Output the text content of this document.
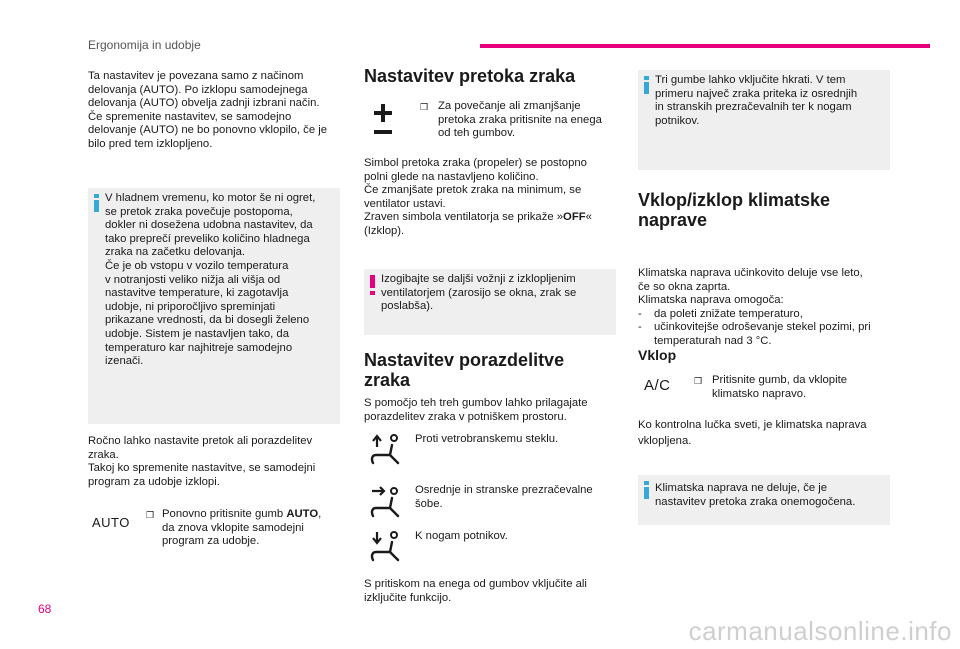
Ergonomija in udobje
Ta nastavitev je povezana samo z načinom
delovanja (AUTO). Po izklopu samodejnega
delovanja (AUTO) obvelja zadnji izbrani način.
Če spremenite nastavitev, se samodejno
delovanje (AUTO) ne bo ponovno vklopilo, če je
bilo pred tem izklopljeno.
V hladnem vremenu, ko motor še ni ogret,
se pretok zraka povečuje postopoma,
dokler ni dosežena udobna nastavitev, da
tako preprečí preveliko količino hladnega
zraka na začetku delovanja.
Če je ob vstopu v vozilo temperatura
v notranjosti veliko nižja ali višja od
nastavitve temperature, ki zagotavlja
udobje, ni priporočljivo spreminjati
prikazane vrednosti, da bi dosegli želeno
udobje. Sistem je nastavljen tako, da
temperaturo kar najhitreje samodejno
izenači.
Ročno lahko nastavite pretok ali porazdelitev
zraka.
Takoj ko spremenite nastavitve, se samodejni
program za udobje izklopi.
AUTO ❒ Ponovno pritisnite gumb AUTO,
da znova vklopite samodejni
program za udobje.
Nastavitev pretoka zraka
❒ Za povečanje ali zmanjšanje
pretoka zraka pritisnite na enega
od teh gumbov.
Simbol pretoka zraka (propeler) se postopno
polni glede na nastavljeno količino.
Če zmanjšate pretok zraka na minimum, se
ventilator ustavi.
Zraven simbola ventilatorja se prikaže »OFF«
(Izklop).
Izogibajte se daljši vožnji z izklopljenim
ventilatorjem (zarosijo se okna, zrak se
poslabša).
Nastavitev porazdelitve
zraka
S pomočjo teh treh gumbov lahko prilagajate
porazdelitev zraka v potniškem prostoru.
Proti vetrobranskemu steklu.
Osrednje in stranske prezračevalne
šobe.
K nogam potnikov.
S pritiskom na enega od gumbov vključite ali
izključite funkcijo.
Tri gumbe lahko vključite hkrati. V tem
primeru največ zraka priteka iz osrednjih
in stranskih prezračevalnih ter k nogam
potnikov.
Vklop/izklop klimatske
naprave
Klimatska naprava učinkovito deluje vse leto,
če so okna zaprta.
Klimatska naprava omogoča:
- da poleti znižate temperaturo,
- učinkovitejše odroševanje stekel pozimi, pri
temperaturah nad 3 °C.
Vklop
A/C	❒ Pritisnite gumb, da vklopite
klimatsko napravo.
Ko kontrolna lučka sveti, je klimatska naprava
vklopljena.
Klimatska naprava ne deluje, če je
nastavitev pretoka zraka onemogočena.
68
carmanualsonline.info
